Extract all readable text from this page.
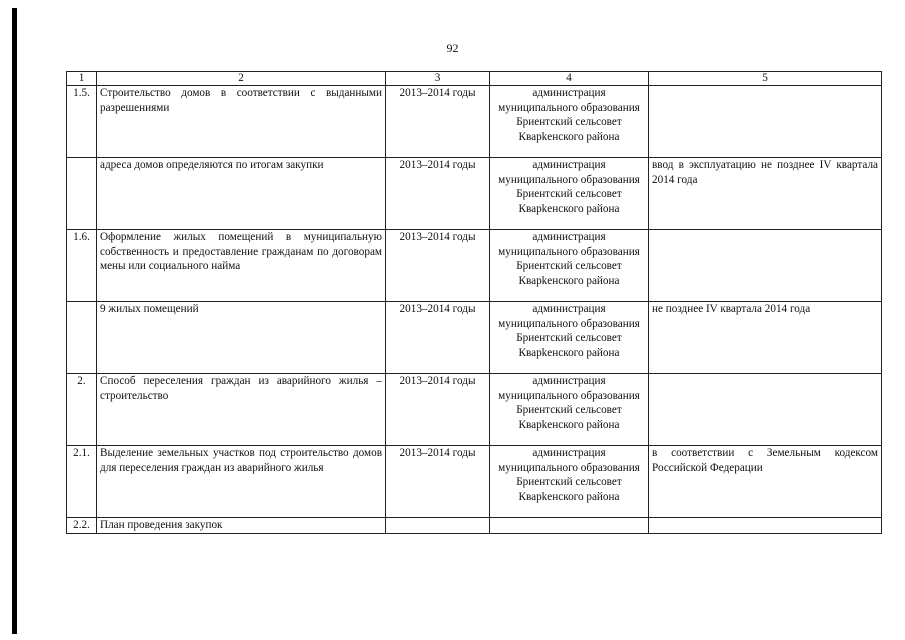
92
1	2	3	4	5
1.5.	Строительство домов в соответствии с выданными разрешениями	2013–2014 годы	администрация муниципального образования Бриентский сельсовет Кварkенского района	
	адреса домов определяются по итогам закупки	2013–2014 годы	администрация муниципального образования Бриентский сельсовет Кварkенского района	ввод в эксплуатацию не позднее IV квартала 2014 года
1.6.	Оформление жилых помещений в муниципальную собственность и предоставление гражданам по договорам мены или социального найма	2013–2014 годы	администрация муниципального образования Бриентский сельсовет Кварkенского района	
	9 жилых помещений	2013–2014 годы	администрация муниципального образования Бриентский сельсовет Кварkенского района	не позднее IV квартала 2014 года
2.	Способ переселения граждан из аварийного жилья – строительство	2013–2014 годы	администрация муниципального образования Бриентский сельсовет Кварkенского района	
2.1.	Выделение земельных участков под строительство домов для переселения граждан из аварийного жилья	2013–2014 годы	администрация муниципального образования Бриентский сельсовет Кварkенского района	в соответствии с Земельным кодексом Российской Федерации
2.2.	План проведения закупок			
